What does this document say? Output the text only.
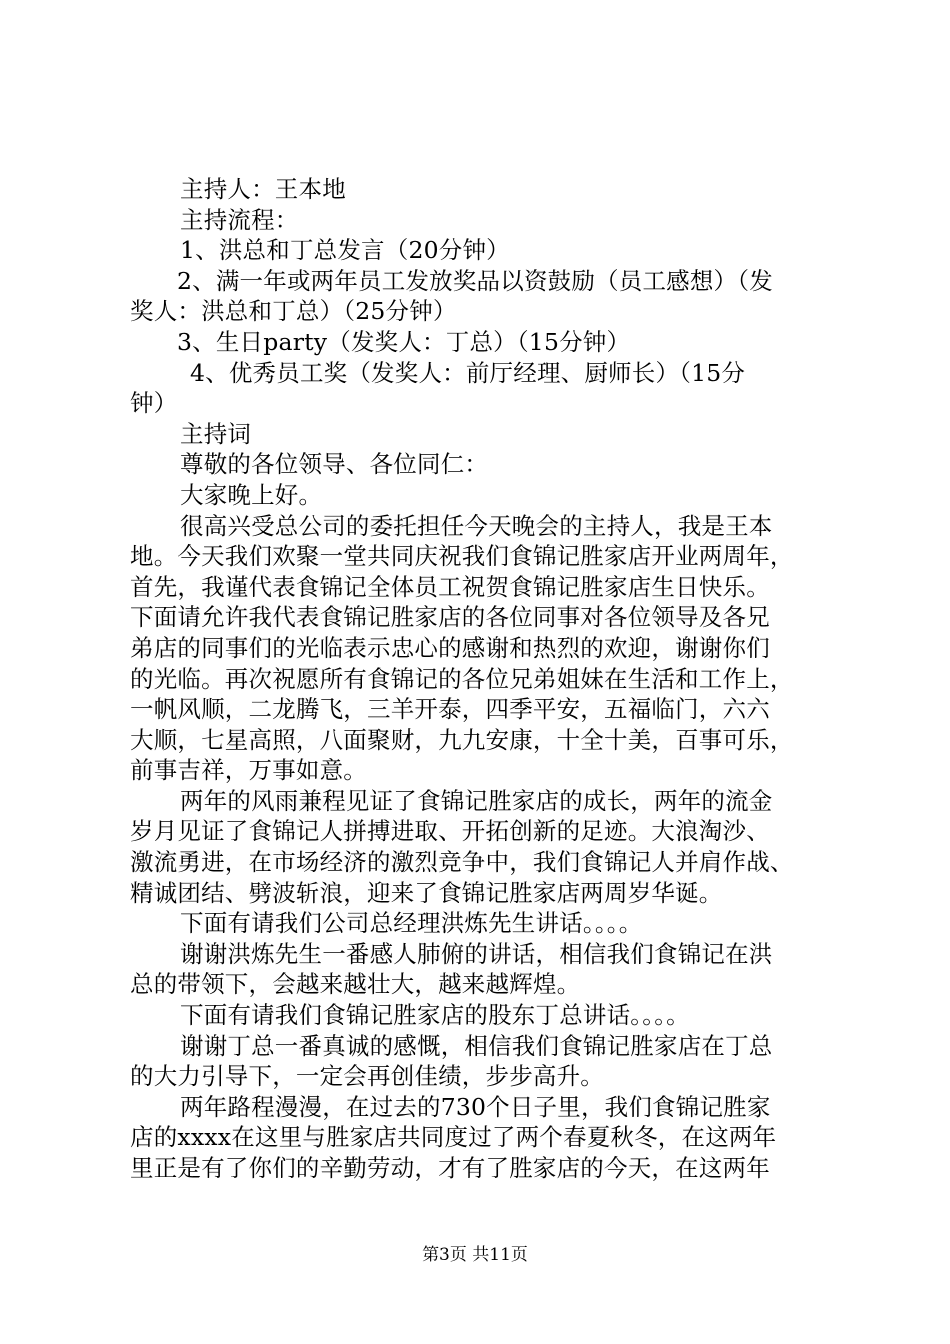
主持人：王本地
主持流程：
1、洪总和丁总发言（20分钟）
2、满一年或两年员工发放奖品以资鼓励（员工感想）（发
奖人：洪总和丁总）（25分钟）
3、生日party（发奖人：丁总）（15分钟）
4、优秀员工奖（发奖人：前厅经理、厨师长）（15分
钟）
主持词
尊敬的各位领导、各位同仁：
大家晚上好。
很高兴受总公司的委托担任今天晚会的主持人，我是王本
地。今天我们欢聚一堂共同庆祝我们食锦记胜家店开业两周年，
首先，我谨代表食锦记全体员工祝贺食锦记胜家店生日快乐。
下面请允许我代表食锦记胜家店的各位同事对各位领导及各兄
弟店的同事们的光临表示忠心的感谢和热烈的欢迎，谢谢你们
的光临。再次祝愿所有食锦记的各位兄弟姐妹在生活和工作上，
一帆风顺，二龙腾飞，三羊开泰，四季平安，五福临门，六六
大顺，七星高照，八面聚财，九九安康，十全十美，百事可乐，
前事吉祥，万事如意。
两年的风雨兼程见证了食锦记胜家店的成长，两年的流金
岁月见证了食锦记人拼搏进取、开拓创新的足迹。大浪淘沙、
激流勇进，在市场经济的激烈竞争中，我们食锦记人并肩作战、
精诚团结、劈波斩浪，迎来了食锦记胜家店两周岁华诞。
下面有请我们公司总经理洪炼先生讲话。。。。
谢谢洪炼先生一番感人肺俯的讲话，相信我们食锦记在洪
总的带领下，会越来越壮大，越来越辉煌。
下面有请我们食锦记胜家店的股东丁总讲话。。。。
谢谢丁总一番真诚的感慨，相信我们食锦记胜家店在丁总
的大力引导下，一定会再创佳绩，步步高升。
两年路程漫漫，在过去的730个日子里，我们食锦记胜家
店的xxxx在这里与胜家店共同度过了两个春夏秋冬，在这两年
里正是有了你们的辛勤劳动，才有了胜家店的今天，在这两年
第3页 共11页
